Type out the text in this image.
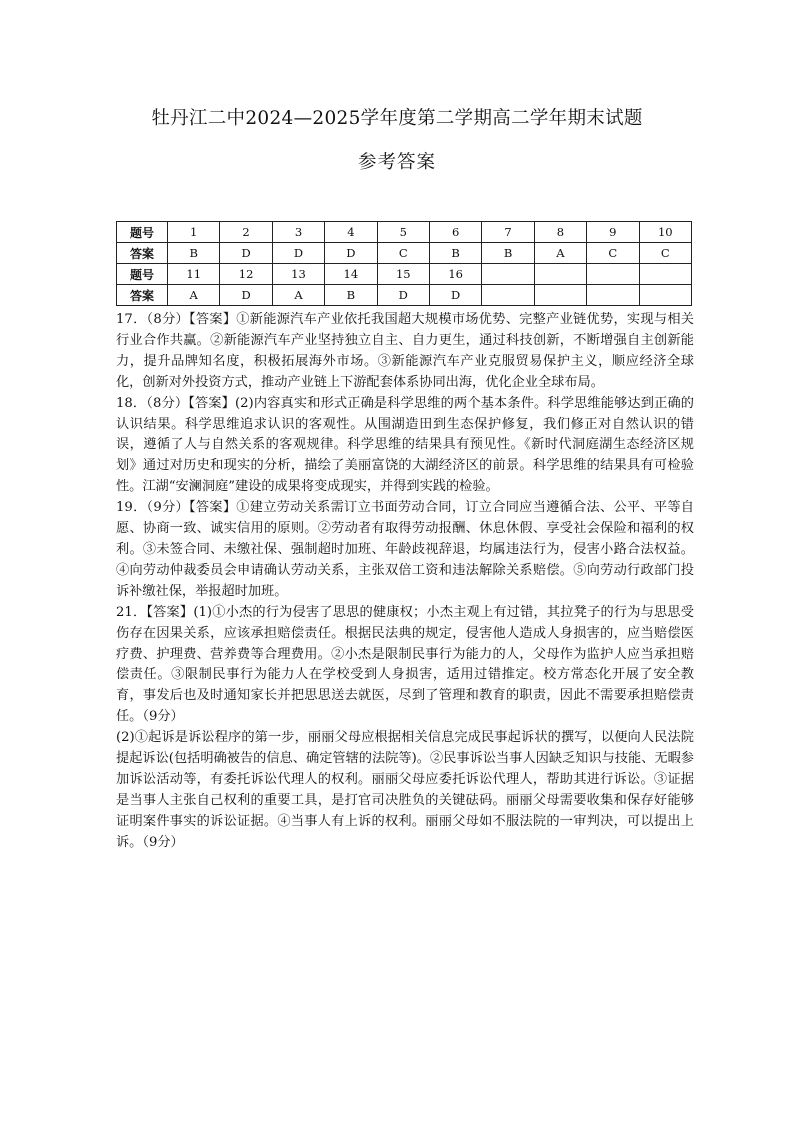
牡丹江二中2024—2025学年度第二学期高二学年期末试题
参考答案
题号	1	2	3	4	5	6	7	8	9	10
答案	B	D	D	D	C	B	B	A	C	C
题号	11	12	13	14	15	16				
答案	A	D	A	B	D	D				

17．（8分）【答案】①新能源汽车产业依托我国超大规模市场优势、完整产业链优势，实现与相关行业合作共赢。②新能源汽车产业坚持独立自主、自力更生，通过科技创新，不断增强自主创新能力，提升品牌知名度，积极拓展海外市场。③新能源汽车产业克服贸易保护主义，顺应经济全球化，创新对外投资方式，推动产业链上下游配套体系协同出海，优化企业全球布局。

18．（8分）【答案】(2)内容真实和形式正确是科学思维的两个基本条件。科学思维能够达到正确的认识结果。科学思维追求认识的客观性。从围湖造田到生态保护修复，我们修正对自然认识的错误，遵循了人与自然关系的客观规律。科学思维的结果具有预见性。《新时代洞庭湖生态经济区规划》通过对历史和现实的分析，描绘了美丽富饶的大湖经济区的前景。科学思维的结果具有可检验性。江湖“安澜洞庭”建设的成果将变成现实，并得到实践的检验。

19．（9分）【答案】①建立劳动关系需订立书面劳动合同，订立合同应当遵循合法、公平、平等自愿、协商一致、诚实信用的原则。②劳动者有取得劳动报酬、休息休假、享受社会保险和福利的权利。③未签合同、未缴社保、强制超时加班、年龄歧视辞退，均属违法行为，侵害小路合法权益。④向劳动仲裁委员会申请确认劳动关系，主张双倍工资和违法解除关系赔偿。⑤向劳动行政部门投诉补缴社保，举报超时加班。

21．【答案】(1)①小杰的行为侵害了思思的健康权；小杰主观上有过错，其拉凳子的行为与思思受伤存在因果关系，应该承担赔偿责任。根据民法典的规定，侵害他人造成人身损害的，应当赔偿医疗费、护理费、营养费等合理费用。②小杰是限制民事行为能力的人，父母作为监护人应当承担赔偿责任。③限制民事行为能力人在学校受到人身损害，适用过错推定。校方常态化开展了安全教育，事发后也及时通知家长并把思思送去就医，尽到了管理和教育的职责，因此不需要承担赔偿责任。（9分）

(2)①起诉是诉讼程序的第一步，丽丽父母应根据相关信息完成民事起诉状的撰写，以便向人民法院提起诉讼(包括明确被告的信息、确定管辖的法院等)。②民事诉讼当事人因缺乏知识与技能、无暇参加诉讼活动等，有委托诉讼代理人的权利。丽丽父母应委托诉讼代理人，帮助其进行诉讼。③证据是当事人主张自己权利的重要工具，是打官司决胜负的关键砝码。丽丽父母需要收集和保存好能够证明案件事实的诉讼证据。④当事人有上诉的权利。丽丽父母如不服法院的一审判决，可以提出上诉。（9分）
